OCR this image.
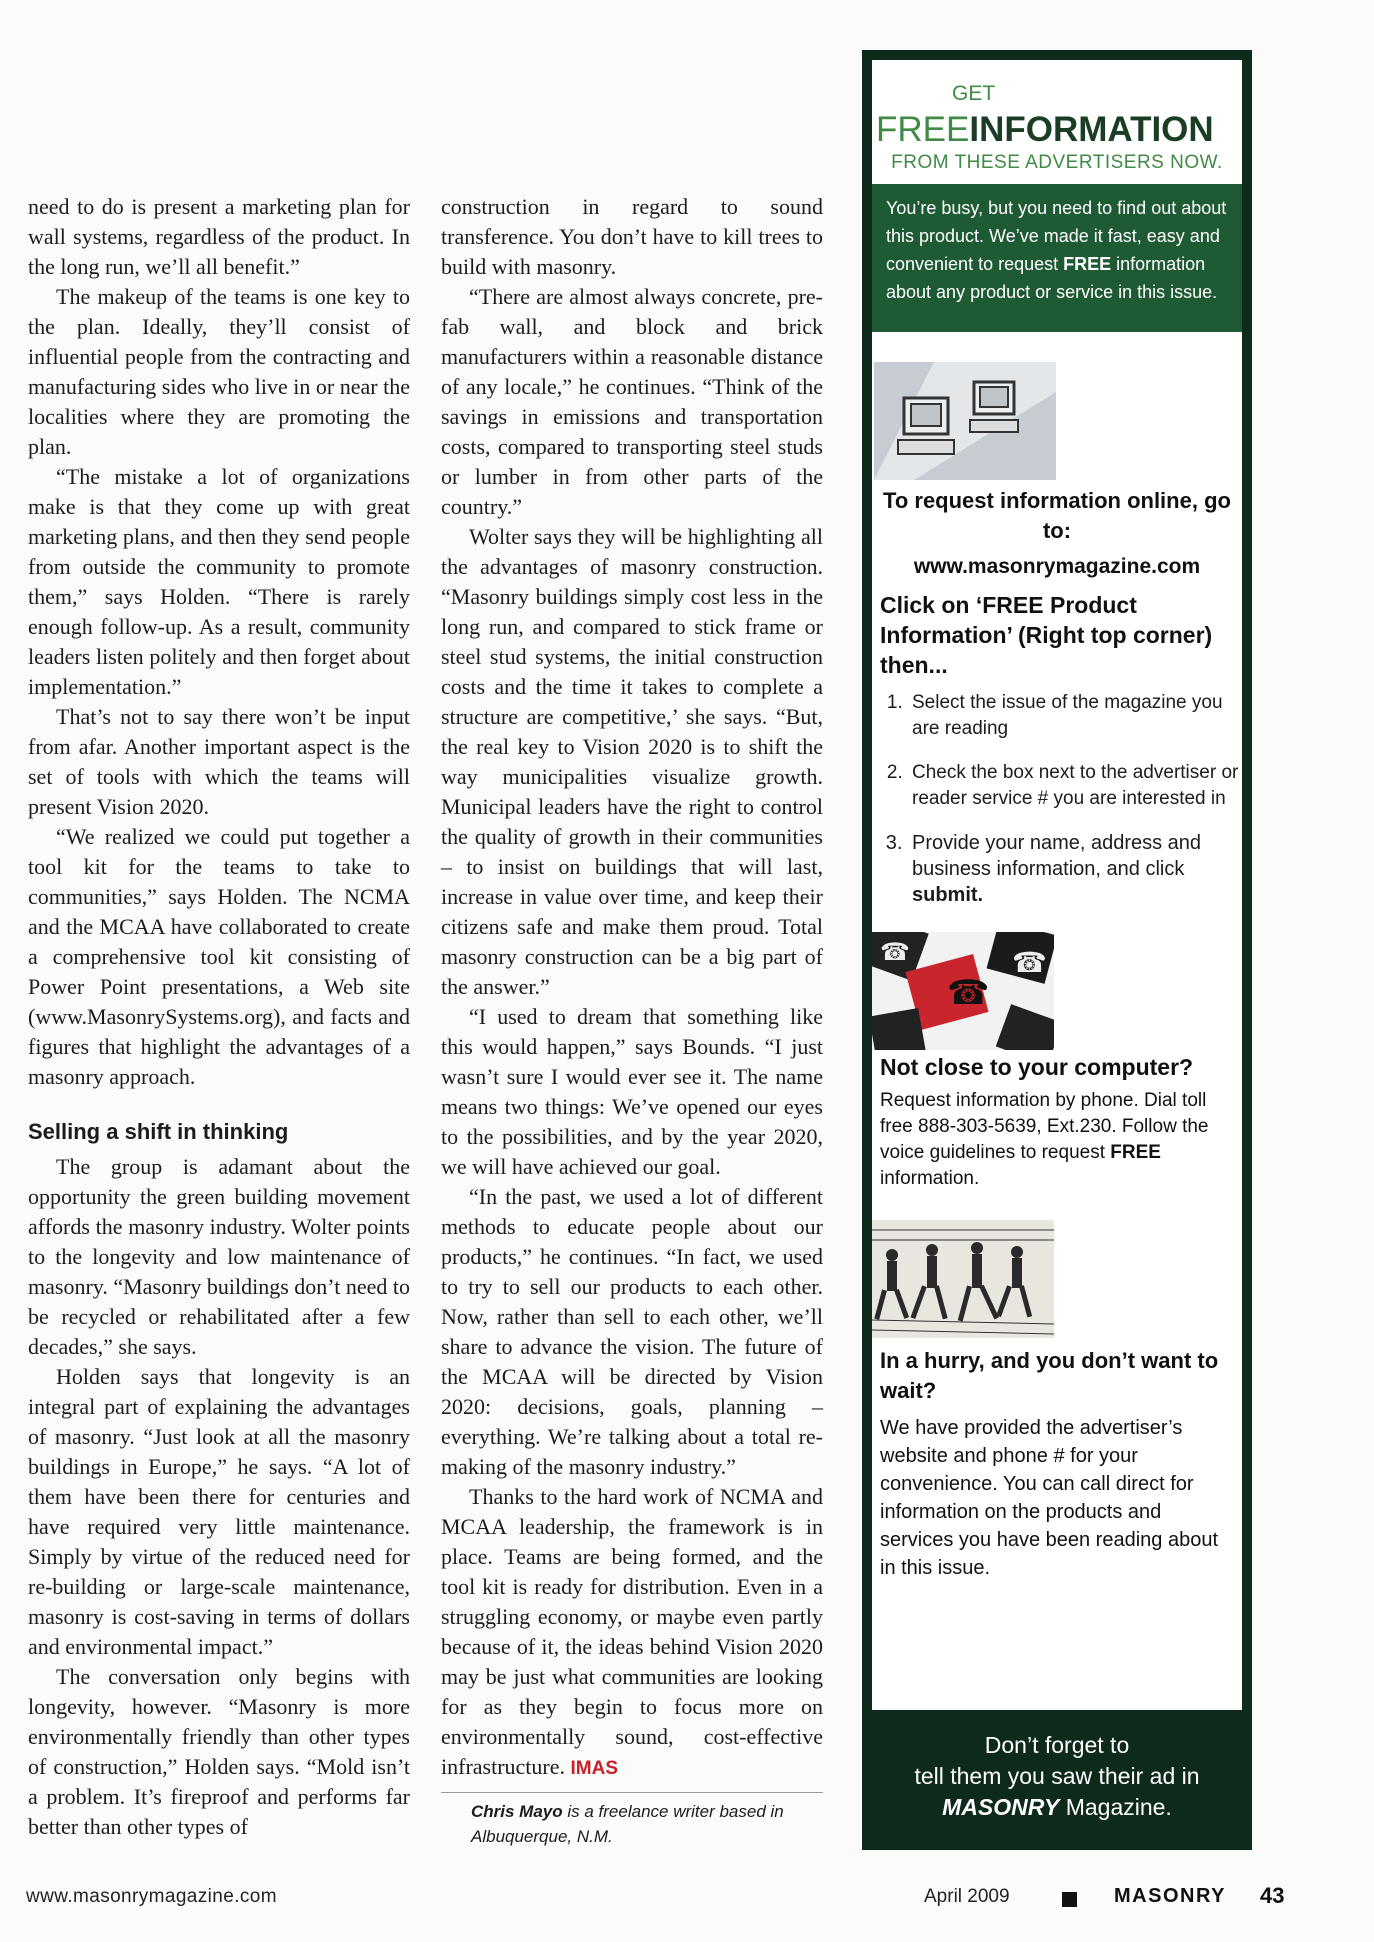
need to do is present a marketing plan for wall systems, regardless of the product. In the long run, we’ll all benefit.”

The makeup of the teams is one key to the plan. Ideally, they’ll consist of influential people from the contracting and manufacturing sides who live in or near the localities where they are promoting the plan.

“The mistake a lot of organizations make is that they come up with great marketing plans, and then they send people from outside the community to promote them,” says Holden. “There is rarely enough follow-up. As a result, community leaders listen politely and then forget about implementation.”

That’s not to say there won’t be input from afar. Another important aspect is the set of tools with which the teams will present Vision 2020.

“We realized we could put together a tool kit for the teams to take to communities,” says Holden. The NCMA and the MCAA have collaborated to create a comprehensive tool kit consisting of Power Point presentations, a Web site (www.MasonrySystems.org), and facts and figures that highlight the advantages of a masonry approach.

Selling a shift in thinking

The group is adamant about the opportunity the green building movement affords the masonry industry. Wolter points to the longevity and low maintenance of masonry. “Masonry buildings don’t need to be recycled or rehabilitated after a few decades,” she says.

Holden says that longevity is an integral part of explaining the advantages of masonry. “Just look at all the masonry buildings in Europe,” he says. “A lot of them have been there for centuries and have required very little maintenance. Simply by virtue of the reduced need for re-building or large-scale maintenance, masonry is cost-saving in terms of dollars and environmental impact.”

The conversation only begins with longevity, however. “Masonry is more environmentally friendly than other types of construction,” Holden says. “Mold isn’t a problem. It’s fireproof and performs far better than other types of

construction in regard to sound transference. You don’t have to kill trees to build with masonry.

“There are almost always concrete, pre-fab wall, and block and brick manufacturers within a reasonable distance of any locale,” he continues. “Think of the savings in emissions and transportation costs, compared to transporting steel studs or lumber in from other parts of the country.”

Wolter says they will be highlighting all the advantages of masonry construction. “Masonry buildings simply cost less in the long run, and compared to stick frame or steel stud systems, the initial construction costs and the time it takes to complete a structure are competitive,’ she says. “But, the real key to Vision 2020 is to shift the way municipalities visualize growth. Municipal leaders have the right to control the quality of growth in their communities – to insist on buildings that will last, increase in value over time, and keep their citizens safe and make them proud. Total masonry construction can be a big part of the answer.”

“I used to dream that something like this would happen,” says Bounds. “I just wasn’t sure I would ever see it. The name means two things: We’ve opened our eyes to the possibilities, and by the year 2020, we will have achieved our goal.

“In the past, we used a lot of different methods to educate people about our products,” he continues. “In fact, we used to try to sell our products to each other. Now, rather than sell to each other, we’ll share to advance the vision. The future of the MCAA will be directed by Vision 2020: decisions, goals, planning – everything. We’re talking about a total re-making of the masonry industry.”

Thanks to the hard work of NCMA and MCAA leadership, the framework is in place. Teams are being formed, and the tool kit is ready for distribution. Even in a struggling economy, or maybe even partly because of it, the ideas behind Vision 2020 may be just what communities are looking for as they begin to focus more on environmentally sound, cost-effective infrastructure. IMAS

Chris Mayo is a freelance writer based in Albuquerque, N.M.
GET
FREEINFORMATION
FROM THESE ADVERTISERS NOW.
You’re busy, but you need to find out about this product. We’ve made it fast, easy and convenient to request FREE information about any product or service in this issue.
To request information online, go to:
www.masonrymagazine.com
Click on ‘FREE Product Information’ (Right top corner) then...
1. Select the issue of the magazine you are reading
2. Check the box next to the advertiser or reader service # you are interested in
3. Provide your name, address and business information, and click submit.
☎
☎
☎
Not close to your computer?
Request information by phone. Dial toll free 888-303-5639, Ext.230. Follow the voice guidelines to request FREE information.
In a hurry, and you don’t want to wait?
We have provided the advertiser’s website and phone # for your convenience. You can call direct for information on the products and services you have been reading about in this issue.
Don’t forget to
tell them you saw their ad in
MASONRY Magazine.
www.masonrymagazine.com	April 2009	MASONRY 43
